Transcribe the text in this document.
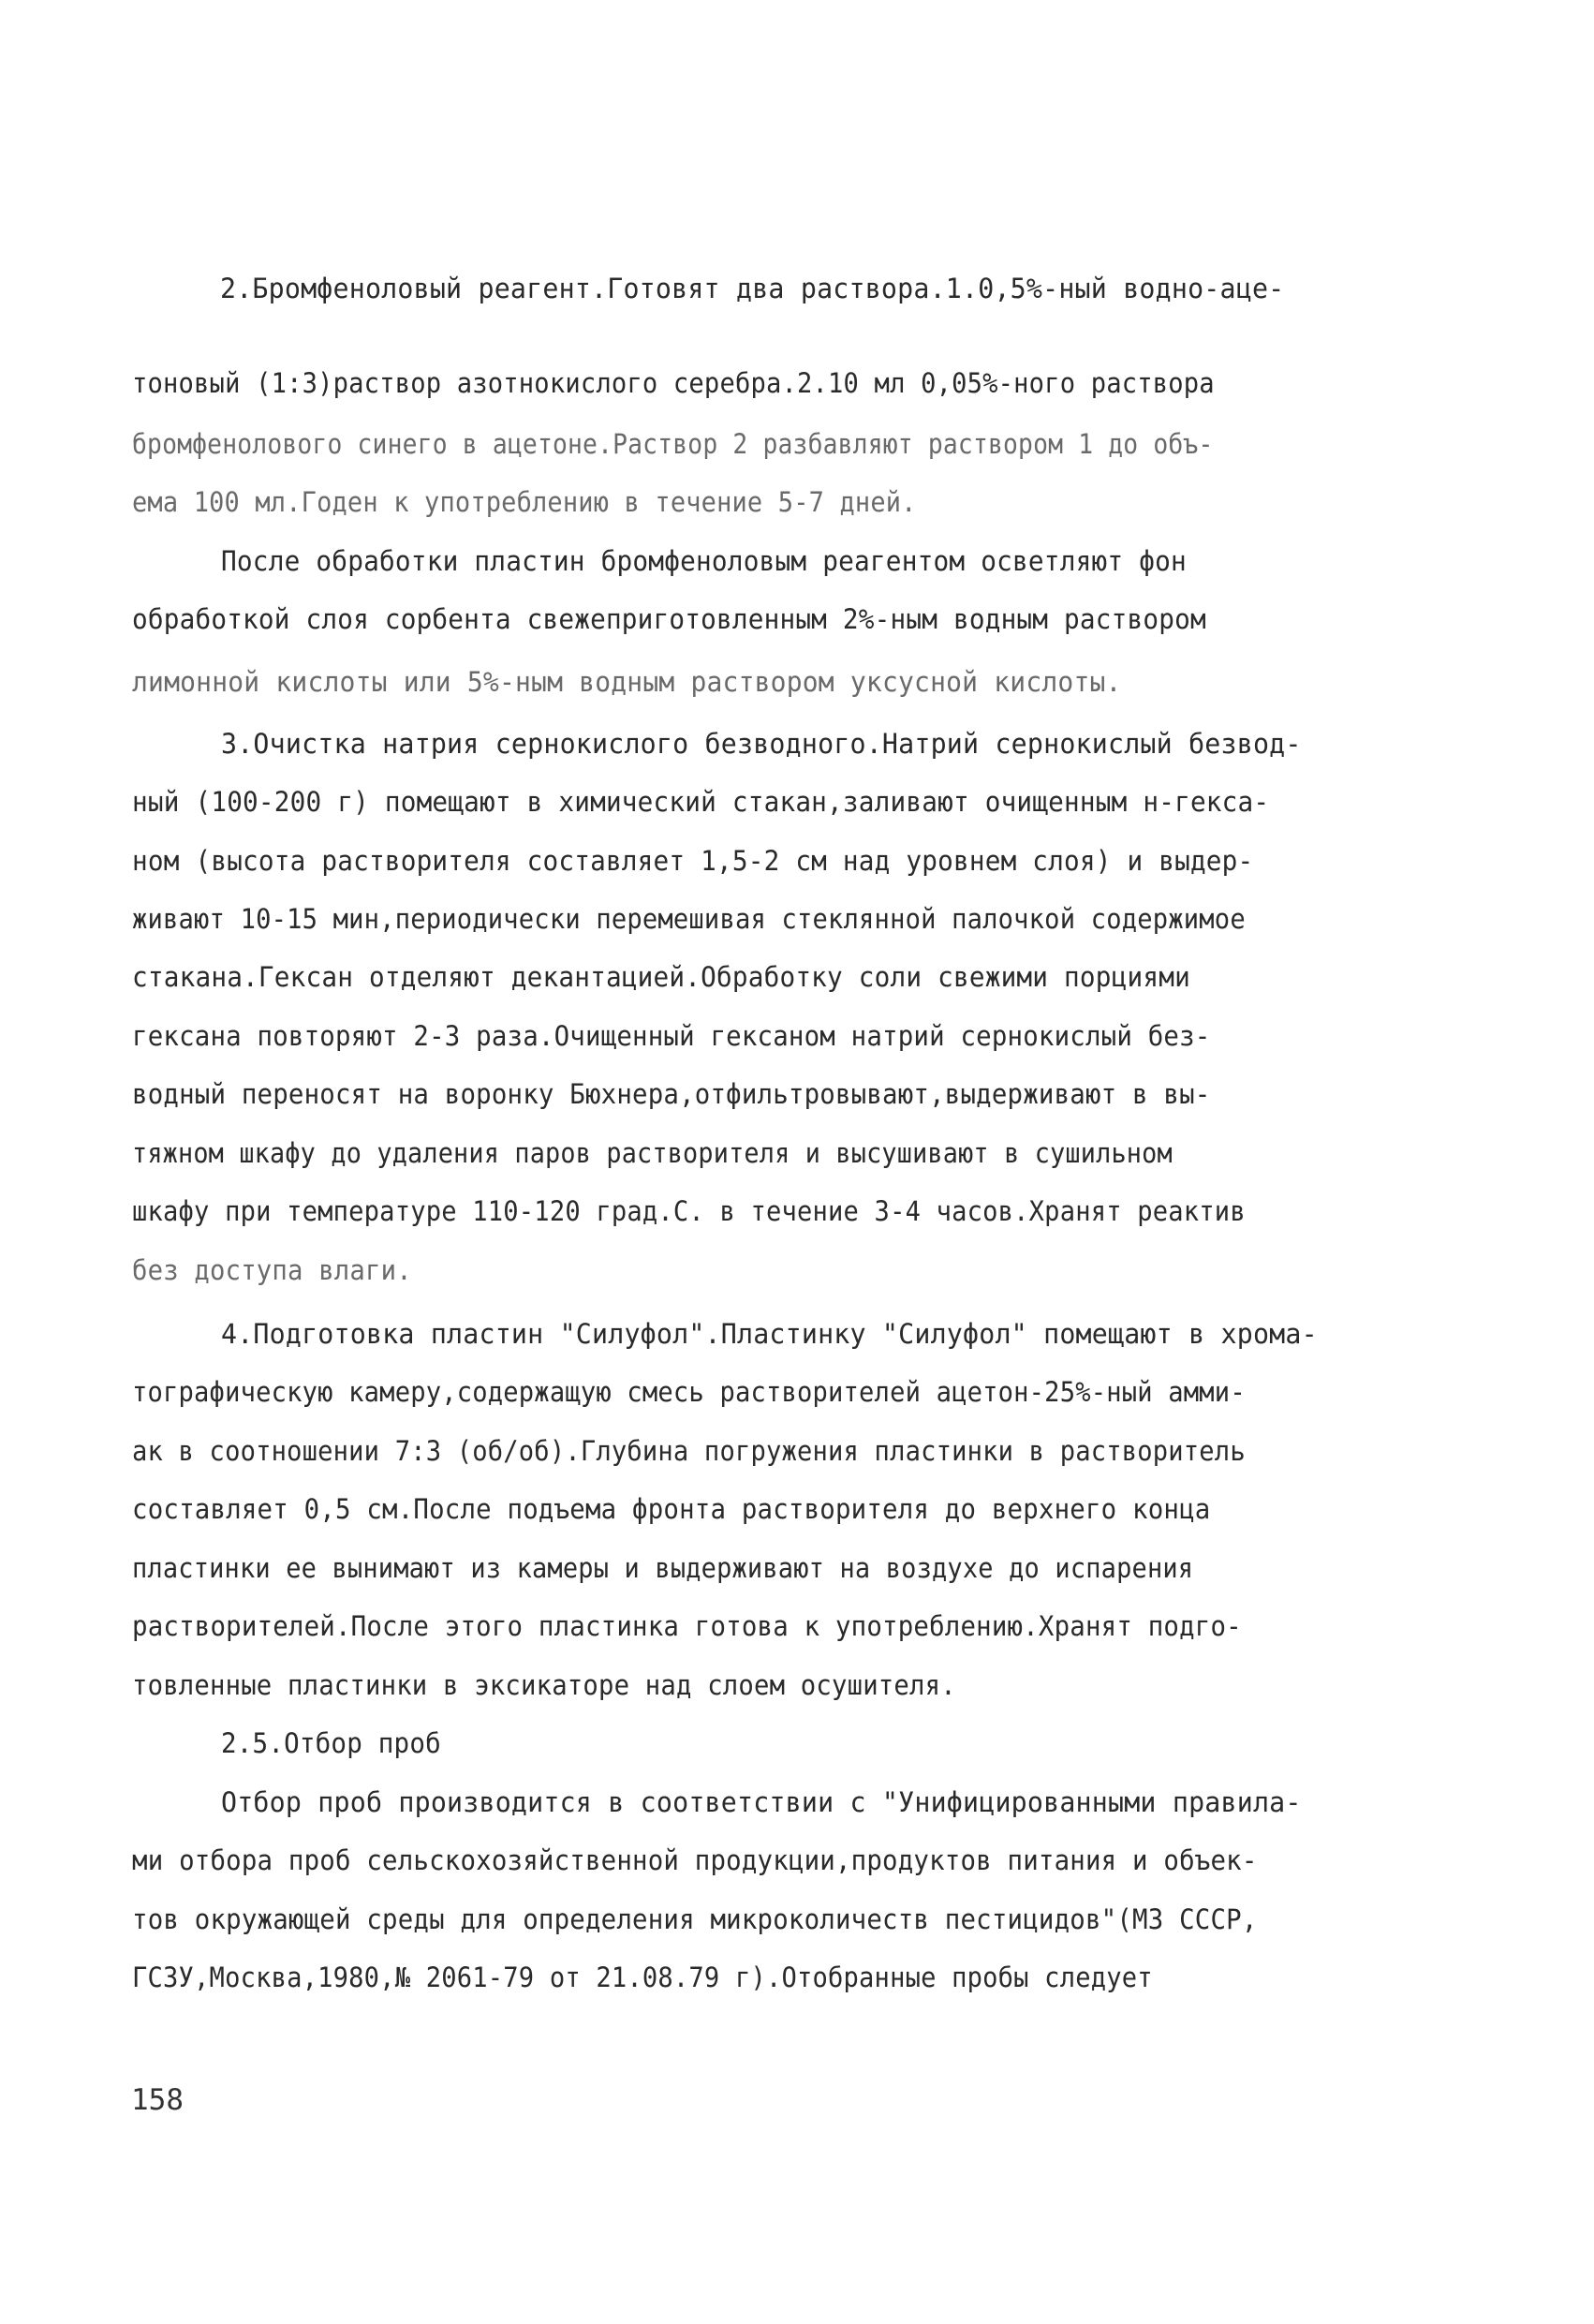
2.Бромфеноловый реагент.Готовят два раствора.1.0,5%-ный водно-аце-
тоновый (1:3)раствор азотнокислого серебра.2.10 мл 0,05%-ного раствора
бромфенолового синего в ацетоне.Раствор 2 разбавляют раствором 1 до объ-
ема 100 мл.Годен к употреблению в течение 5-7 дней.
После обработки пластин бромфеноловым реагентом осветляют фон
обработкой слоя сорбента свежеприготовленным 2%-ным водным раствором
лимонной кислоты или 5%-ным водным раствором уксусной кислоты.
3.Очистка натрия сернокислого безводного.Натрий сернокислый безвод-
ный (100-200 г) помещают в химический стакан,заливают очищенным н-гекса-
ном (высота растворителя составляет 1,5-2 см над уровнем слоя) и выдер-
живают 10-15 мин,периодически перемешивая стеклянной палочкой содержимое
стакана.Гексан отделяют декантацией.Обработку соли свежими порциями
гексана повторяют 2-3 раза.Очищенный гексаном натрий сернокислый без-
водный переносят на воронку Бюхнера,отфильтровывают,выдерживают в вы-
тяжном шкафу до удаления паров растворителя и высушивают в сушильном
шкафу при температуре 110-120 град.С. в течение 3-4 часов.Хранят реактив
без доступа влаги.
4.Подготовка пластин "Силуфол".Пластинку "Силуфол" помещают в хрома-
тографическую камеру,содержащую смесь растворителей ацетон-25%-ный амми-
ак в соотношении 7:3 (об/об).Глубина погружения пластинки в растворитель
составляет 0,5 см.После подъема фронта растворителя до верхнего конца
пластинки ее вынимают из камеры и выдерживают на воздухе до испарения
растворителей.После этого пластинка готова к употреблению.Хранят подго-
товленные пластинки в эксикаторе над слоем осушителя.
2.5.Отбор проб
Отбор проб производится в соответствии с "Унифицированными правила-
ми отбора проб сельскохозяйственной продукции,продуктов питания и объек-
тов окружающей среды для определения микроколичеств пестицидов"(МЗ СССР,
ГСЗУ,Москва,1980,№ 2061-79 от 21.08.79 г).Отобранные пробы следует
158
